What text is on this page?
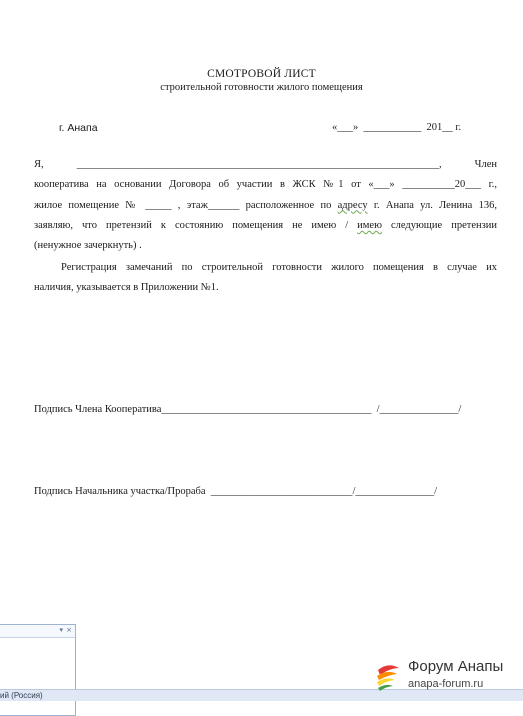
СМОТРОВОЙ ЛИСТ
строительной готовности жилого помещения
г. Анапа	«___»  ___________  201__ г.
Я,      _____________________________________________________________________,      Член
кооператива на основании Договора об участии в ЖСК №1 от «___» __________20___ г.,
жилое помещение № _____ , этаж______ расположенное по адресу г. Анапа ул. Ленина 136,
заявляю,  что  претензий  к  состоянию  помещения  не  имею  /  имею  следующие  претензии
(ненужное зачеркнуть) .
Регистрация замечаний по строительной готовности жилого помещения в случае их
наличия, указывается в Приложении №1.
Подпись Члена Кооператива________________________________________  /_______________/
Подпись Начальника участка/Прораба  ___________________________/_______________/
▾ ×
ий (Россия)
Форум Анапы
anapa-forum.ru
